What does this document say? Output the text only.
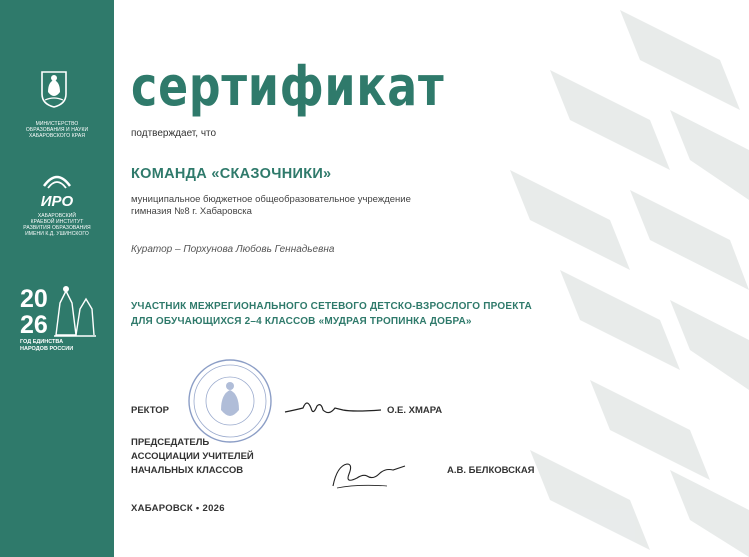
МИНИСТЕРСТВО
ОБРАЗОВАНИЯ И НАУКИ
ХАБАРОВСКОГО КРАЯ
ИРО
ХАБАРОВСКИЙ
КРАЕВОЙ ИНСТИТУТ
РАЗВИТИЯ ОБРАЗОВАНИЯ
ИМЕНИ К.Д. УШИНСКОГО
20
26
ГОД ЕДИНСТВА
НАРОДОВ РОССИИ
сертификат
подтверждает, что
КОМАНДА «СКАЗОЧНИКИ»
муниципальное бюджетное общеобразовательное учреждение
гимназия №8 г. Хабаровска
Куратор – Порхунова Любовь Геннадьевна
УЧАСТНИК МЕЖРЕГИОНАЛЬНОГО СЕТЕВОГО ДЕТСКО-ВЗРОСЛОГО ПРОЕКТА
ДЛЯ ОБУЧАЮЩИХСЯ 2–4 КЛАССОВ «МУДРАЯ ТРОПИНКА ДОБРА»
РЕКТОР	О.Е. ХМАРА
ПРЕДСЕДАТЕЛЬ
АССОЦИАЦИИ УЧИТЕЛЕЙ
НАЧАЛЬНЫХ КЛАССОВ	А.В. БЕЛКОВСКАЯ
ХАБАРОВСК • 2026
